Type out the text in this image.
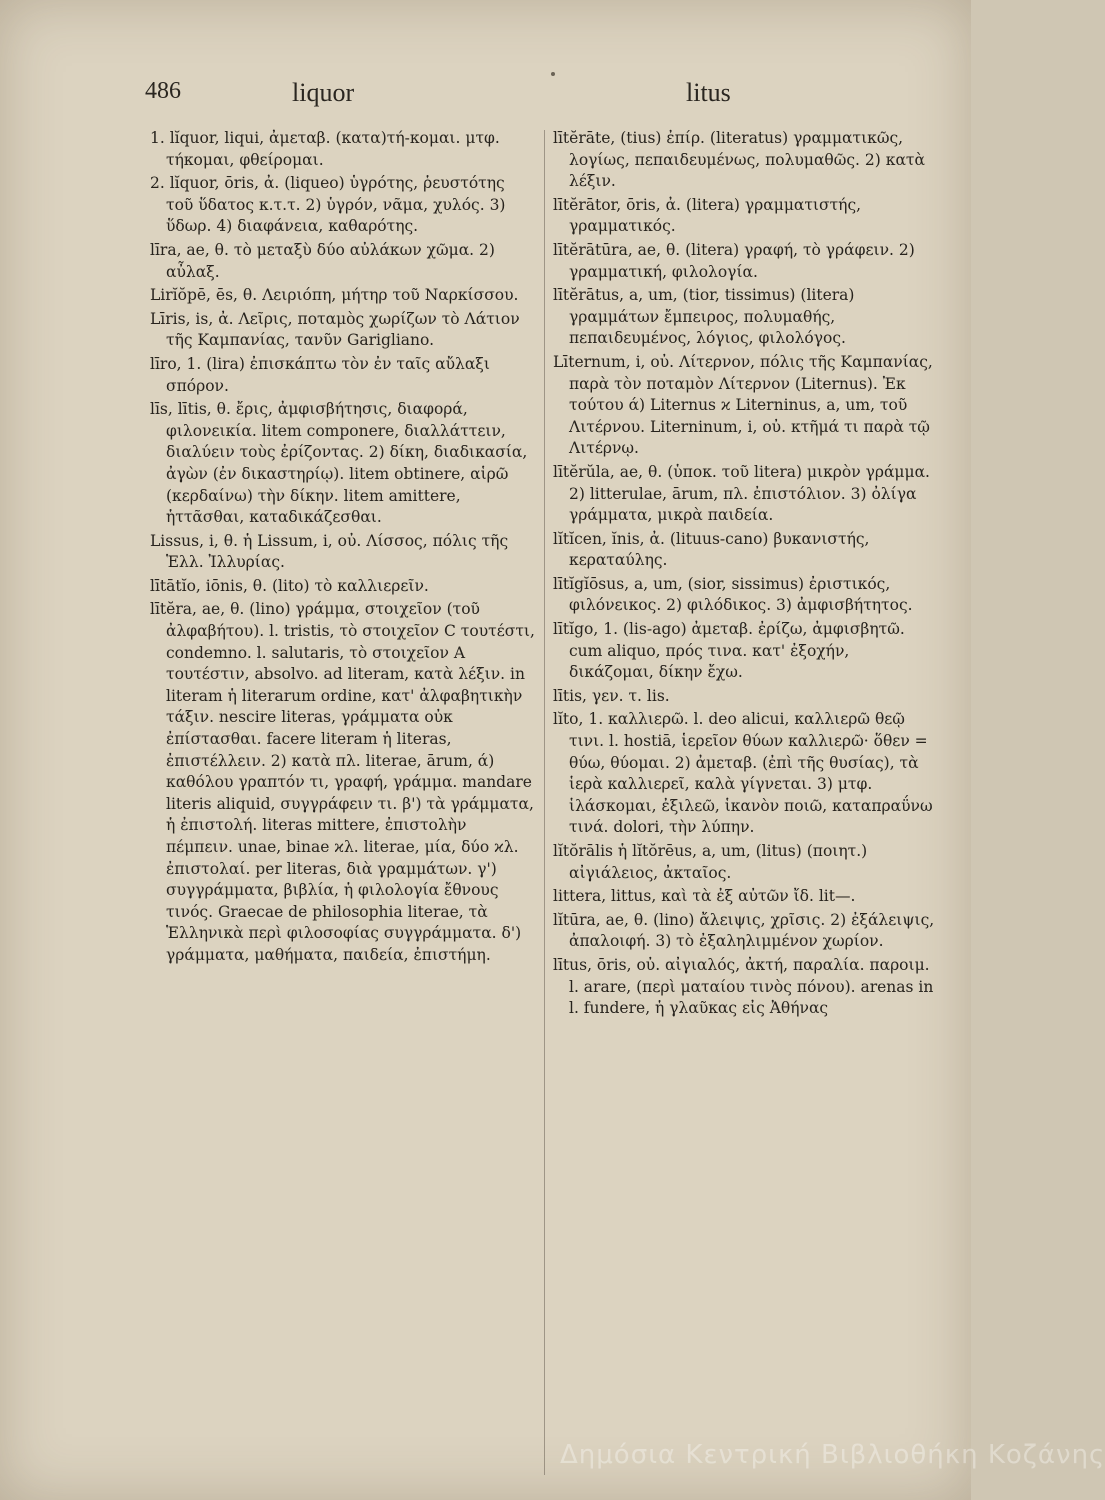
486	liquor	litus

1. lĭquor, liqui, ἀμεταβ. (κατα)τή-κομαι. μτφ. τήκομαι, φθείρομαι.

2. lĭquor, ōris, ἀ. (liqueo) ὑγρότης, ῥευστότης τοῦ ὕδατος κ.τ.τ. 2) ὑγρόν, νᾶμα, χυλός. 3) ὕδωρ. 4) διαφάνεια, καθαρότης.

līra, ae, θ. τὸ μεταξὺ δύο αὐλάκων χῶμα. 2) αὖλαξ.

Lirĭŏpē, ēs, θ. Λειριόπη, μήτηρ τοῦ Ναρκίσσου.

Līris, is, ἀ. Λεῖρις, ποταμὸς χωρίζων τὸ Λάτιον τῆς Καμπανίας, τανῦν Garigliano.

līro, 1. (lira) ἐπισκάπτω τὸν ἐν ταῖς αὔλαξι σπόρον.

līs, lītis, θ. ἔρις, ἀμφισβήτησις, διαφορά, φιλονεικία. litem componere, διαλλάττειν, διαλύειν τοὺς ἐρίζοντας. 2) δίκη, διαδικασία, ἀγὼν (ἐν δικαστηρίῳ). litem obtinere, αἱρῶ (κερδαίνω) τὴν δίκην. litem amittere, ἡττᾶσθαι, καταδικάζεσθαι.

Lissus, i, θ. ἡ Lissum, i, οὐ. Λίσσος, πόλις τῆς Ἑλλ. Ἰλλυρίας.

lītātĭo, iōnis, θ. (lito) τὸ καλλιερεῖν.

lītĕra, ae, θ. (lino) γράμμα, στοιχεῖον (τοῦ ἀλφαβήτου). l. tristis, τὸ στοιχεῖον C τουτέστι, condemno. l. salutaris, τὸ στοιχεῖον A τουτέστιν, absolvo. ad literam, κατὰ λέξιν. in literam ἡ literarum ordine, κατ' ἀλφαβητικὴν τάξιν. nescire literas, γράμματα οὐκ ἐπίστασθαι. facere literam ἡ literas, ἐπιστέλλειν. 2) κατὰ πλ. literae, ārum, ά) καθόλου γραπτόν τι, γραφή, γράμμα. mandare literis aliquid, συγγράφειν τι. β') τὰ γράμματα, ἡ ἐπιστολή. literas mittere, ἐπιστολὴν πέμπειν. unae, binae ϰλ. literae, μία, δύο ϰλ. ἐπιστολαί. per literas, διὰ γραμμάτων. γ') συγγράμματα, βιβλία, ἡ φιλολογία ἔθνους τινός. Graecae de philosophia literae, τὰ Ἑλληνικὰ περὶ φιλοσοφίας συγγράμματα. δ') γράμματα, μαθήματα, παιδεία, ἐπιστήμη.

lītĕrāte, (tius) ἐπίρ. (literatus) γραμματικῶς, λογίως, πεπαιδευμένως, πολυμαθῶς. 2) κατὰ λέξιν.

lītĕrātor, ōris, ἀ. (litera) γραμματιστής, γραμματικός.

lītĕrātūra, ae, θ. (litera) γραφή, τὸ γράφειν. 2) γραμματική, φιλολογία.

lītĕrātus, a, um, (tior, tissimus) (litera) γραμμάτων ἔμπειρος, πολυμαθής, πεπαιδευμένος, λόγιος, φιλολόγος.

Līternum, i, οὐ. Λίτερνον, πόλις τῆς Καμπανίας, παρὰ τὸν ποταμὸν Λίτερνον (Liternus). Ἐκ τούτου ά) Liternus ϰ Literninus, a, um, τοῦ Λιτέρνου. Literninum, i, οὐ. κτῆμά τι παρὰ τῷ Λιτέρνῳ.

lītĕrŭla, ae, θ. (ὑποκ. τοῦ litera) μικρὸν γράμμα. 2) litterulae, ārum, πλ. ἐπιστόλιον. 3) ὀλίγα γράμματα, μικρὰ παιδεία.

lĭtĭcen, ĭnis, ἀ. (lituus-cano) βυκανιστής, κεραταύλης.

lītĭgĭōsus, a, um, (sior, sissimus) ἐριστικός, φιλόνεικος. 2) φιλόδικος. 3) ἀμφισβήτητος.

lītĭgo, 1. (lis-ago) ἀμεταβ. ἐρίζω, ἀμφισβητῶ. cum aliquo, πρός τινα. κατ' ἐξοχήν, δικάζομαι, δίκην ἔχω.

lītis, γεν. τ. lis.

lĭto, 1. καλλιερῶ. l. deo alicui, καλλιερῶ θεῷ τινι. l. hostiā, ἱερεῖον θύων καλλιερῶ· ὅθεν = θύω, θύομαι. 2) ἀμεταβ. (ἐπὶ τῆς θυσίας), τὰ ἱερὰ καλλιερεῖ, καλὰ γίγνεται. 3) μτφ. ἱλάσκομαι, ἐξιλεῶ, ἱκανὸν ποιῶ, καταπραΰνω τινά. dolori, τὴν λύπην.

lĭtŏrālis ἡ lĭtŏrēus, a, um, (litus) (ποιητ.) αἰγιάλειος, ἀκταῖος.

littera, littus, καὶ τὰ ἐξ αὐτῶν ἴδ. lit—.

lĭtūra, ae, θ. (lino) ἄλειψις, χρῖσις. 2) ἐξάλειψις, ἀπαλοιφή. 3) τὸ ἐξαληλιμμένον χωρίον.

lītus, ōris, οὐ. αἰγιαλός, ἀκτή, παραλία. παροιμ. l. arare, (περὶ ματαίου τινὸς πόνου). arenas in l. fundere, ἡ γλαῦκας εἰς Ἀθήνας

Δημόσια Κεντρική Βιβλιοθήκη Κοζάνης
